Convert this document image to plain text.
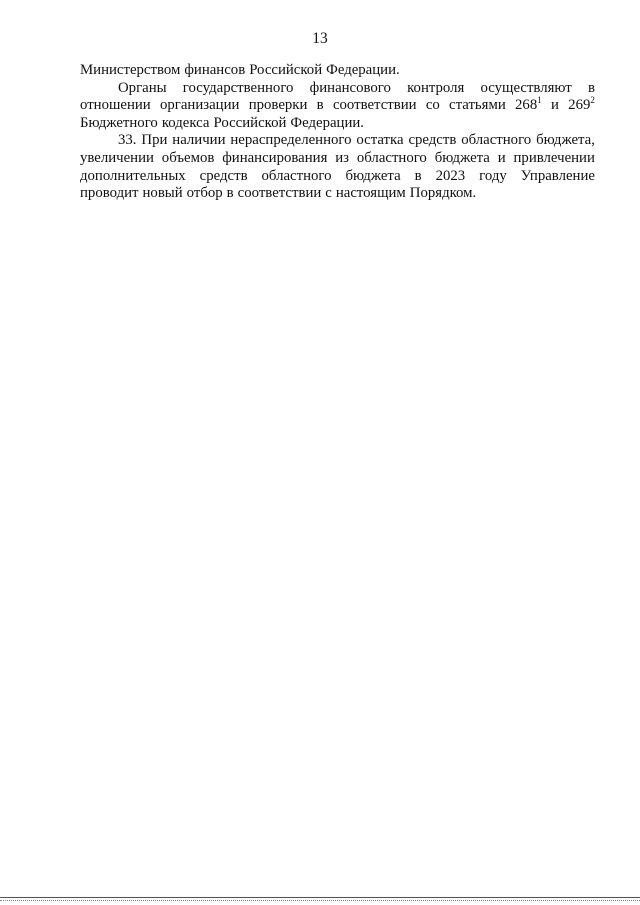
13
Министерством финансов Российской Федерации.
Органы государственного финансового контроля осуществляют в
отношении организации проверки в соответствии со статьями $268^1$ и $269^2$
Бюджетного кодекса Российской Федерации.
33. При наличии нераспределенного остатка средств областного бюджета,
увеличении объемов финансирования из областного бюджета и привлечении
дополнительных средств областного бюджета в 2023 году Управление
проводит новый отбор в соответствии с настоящим Порядком.
